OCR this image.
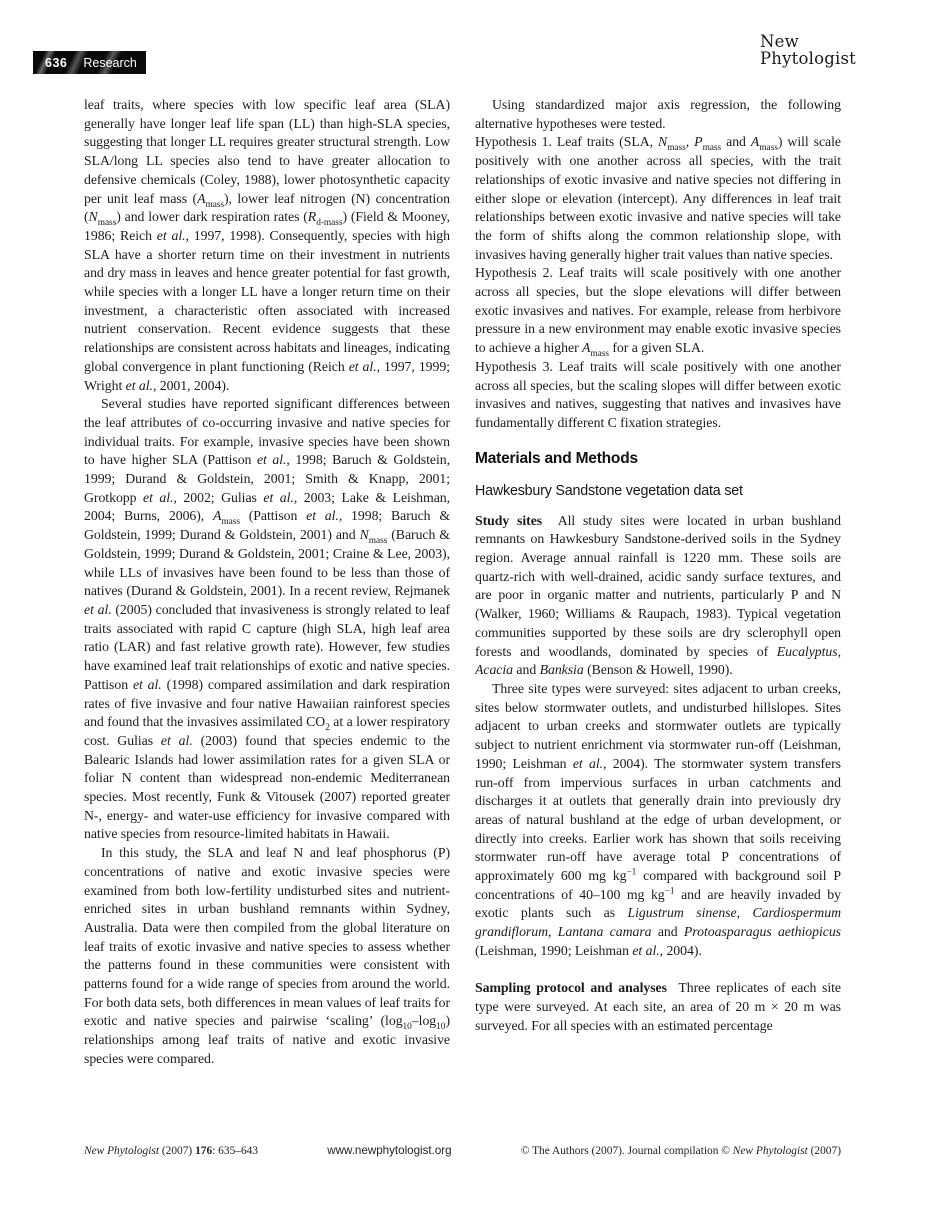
636 Research
New
Phytologist

leaf traits, where species with low specific leaf area (SLA) generally have longer leaf life span (LL) than high-SLA species, suggesting that longer LL requires greater structural strength. Low SLA/long LL species also tend to have greater allocation to defensive chemicals (Coley, 1988), lower photosynthetic capacity per unit leaf mass $(A_{mass})$, lower leaf nitrogen (N) concentration $(N_{mass})$ and lower dark respiration rates $(R_{d-mass})$ (Field & Mooney, 1986; Reich et al., 1997, 1998). Consequently, species with high SLA have a shorter return time on their investment in nutrients and dry mass in leaves and hence greater potential for fast growth, while species with a longer LL have a longer return time on their investment, a characteristic often associated with increased nutrient conservation. Recent evidence suggests that these relationships are consistent across habitats and lineages, indicating global convergence in plant functioning (Reich et al., 1997, 1999; Wright et al., 2001, 2004).

Several studies have reported significant differences between the leaf attributes of co-occurring invasive and native species for individual traits. For example, invasive species have been shown to have higher SLA (Pattison et al., 1998; Baruch & Goldstein, 1999; Durand & Goldstein, 2001; Smith & Knapp, 2001; Grotkopp et al., 2002; Gulias et al., 2003; Lake & Leishman, 2004; Burns, 2006), $A_{mass}$ (Pattison et al., 1998; Baruch & Goldstein, 1999; Durand & Goldstein, 2001) and $N_{mass}$ (Baruch & Goldstein, 1999; Durand & Goldstein, 2001; Craine & Lee, 2003), while LLs of invasives have been found to be less than those of natives (Durand & Goldstein, 2001). In a recent review, Rejmanek et al. (2005) concluded that invasiveness is strongly related to leaf traits associated with rapid C capture (high SLA, high leaf area ratio (LAR) and fast relative growth rate). However, few studies have examined leaf trait relationships of exotic and native species. Pattison et al. (1998) compared assimilation and dark respiration rates of five invasive and four native Hawaiian rainforest species and found that the invasives assimilated $CO_2$ at a lower respiratory cost. Gulias et al. (2003) found that species endemic to the Balearic Islands had lower assimilation rates for a given SLA or foliar N content than widespread non-endemic Mediterranean species. Most recently, Funk & Vitousek (2007) reported greater N-, energy- and water-use efficiency for invasive compared with native species from resource-limited habitats in Hawaii.

In this study, the SLA and leaf N and leaf phosphorus (P) concentrations of native and exotic invasive species were examined from both low-fertility undisturbed sites and nutrient-enriched sites in urban bushland remnants within Sydney, Australia. Data were then compiled from the global literature on leaf traits of exotic invasive and native species to assess whether the patterns found in these communities were consistent with patterns found for a wide range of species from around the world. For both data sets, both differences in mean values of leaf traits for exotic and native species and pairwise ‘scaling’ $(\log_{10}-\log_{10})$ relationships among leaf traits of native and exotic invasive species were compared.

Using standardized major axis regression, the following alternative hypotheses were tested.

Hypothesis 1. Leaf traits (SLA, $N_{mass}$, $P_{mass}$ and $A_{mass}$) will scale positively with one another across all species, with the trait relationships of exotic invasive and native species not differing in either slope or elevation (intercept). Any differences in leaf trait relationships between exotic invasive and native species will take the form of shifts along the common relationship slope, with invasives having generally higher trait values than native species.

Hypothesis 2. Leaf traits will scale positively with one another across all species, but the slope elevations will differ between exotic invasives and natives. For example, release from herbivore pressure in a new environment may enable exotic invasive species to achieve a higher $A_{mass}$ for a given SLA.

Hypothesis 3. Leaf traits will scale positively with one another across all species, but the scaling slopes will differ between exotic invasives and natives, suggesting that natives and invasives have fundamentally different C fixation strategies.

Materials and Methods
Hawkesbury Sandstone vegetation data set

Study sites  All study sites were located in urban bushland remnants on Hawkesbury Sandstone-derived soils in the Sydney region. Average annual rainfall is 1220 mm. These soils are quartz-rich with well-drained, acidic sandy surface textures, and are poor in organic matter and nutrients, particularly P and N (Walker, 1960; Williams & Raupach, 1983). Typical vegetation communities supported by these soils are dry sclerophyll open forests and woodlands, dominated by species of Eucalyptus, Acacia and Banksia (Benson & Howell, 1990).

Three site types were surveyed: sites adjacent to urban creeks, sites below stormwater outlets, and undisturbed hillslopes. Sites adjacent to urban creeks and stormwater outlets are typically subject to nutrient enrichment via stormwater run-off (Leishman, 1990; Leishman et al., 2004). The stormwater system transfers run-off from impervious surfaces in urban catchments and discharges it at outlets that generally drain into previously dry areas of natural bushland at the edge of urban development, or directly into creeks. Earlier work has shown that soils receiving stormwater run-off have average total P concentrations of approximately 600 mg $kg^{-1}$ compared with background soil P concentrations of 40–100 mg $kg^{-1}$ and are heavily invaded by exotic plants such as Ligustrum sinense, Cardiospermum grandiflorum, Lantana camara and Protoasparagus aethiopicus (Leishman, 1990; Leishman et al., 2004).

Sampling protocol and analyses  Three replicates of each site type were surveyed. At each site, an area of 20 m × 20 m was surveyed. For all species with an estimated percentage

New Phytologist (2007) 176: 635–643	www.newphytologist.org	© The Authors (2007). Journal compilation © New Phytologist (2007)
